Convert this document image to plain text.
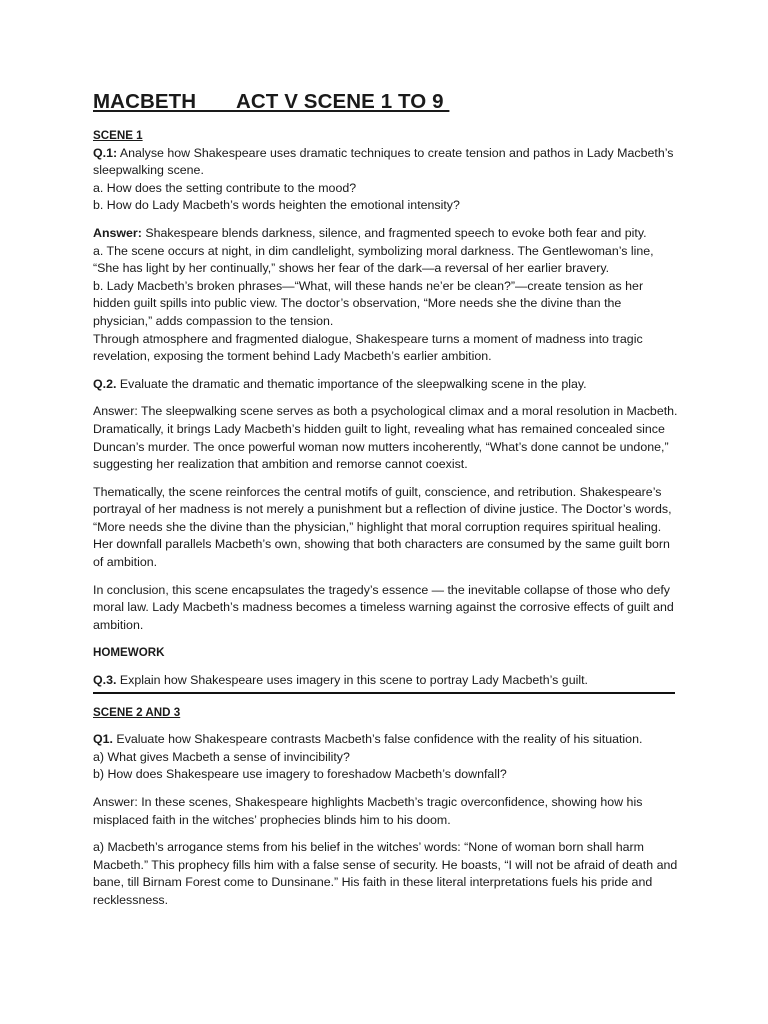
MACBETH       ACT V SCENE 1 TO 9

SCENE 1
Q.1: Analyse how Shakespeare uses dramatic techniques to create tension and pathos in Lady Macbeth’s sleepwalking scene.
a. How does the setting contribute to the mood?
b. How do Lady Macbeth’s words heighten the emotional intensity?

Answer: Shakespeare blends darkness, silence, and fragmented speech to evoke both fear and pity.
a. The scene occurs at night, in dim candlelight, symbolizing moral darkness. The Gentlewoman’s line, “She has light by her continually,” shows her fear of the dark—a reversal of her earlier bravery.
b. Lady Macbeth’s broken phrases—“What, will these hands ne’er be clean?”—create tension as her hidden guilt spills into public view. The doctor’s observation, “More needs she the divine than the physician,” adds compassion to the tension.
Through atmosphere and fragmented dialogue, Shakespeare turns a moment of madness into tragic revelation, exposing the torment behind Lady Macbeth’s earlier ambition.

Q.2. Evaluate the dramatic and thematic importance of the sleepwalking scene in the play.

Answer: The sleepwalking scene serves as both a psychological climax and a moral resolution in Macbeth. Dramatically, it brings Lady Macbeth’s hidden guilt to light, revealing what has remained concealed since Duncan’s murder. The once powerful woman now mutters incoherently, “What’s done cannot be undone,” suggesting her realization that ambition and remorse cannot coexist.

Thematically, the scene reinforces the central motifs of guilt, conscience, and retribution. Shakespeare’s portrayal of her madness is not merely a punishment but a reflection of divine justice. The Doctor’s words, “More needs she the divine than the physician,” highlight that moral corruption requires spiritual healing. Her downfall parallels Macbeth’s own, showing that both characters are consumed by the same guilt born of ambition.

In conclusion, this scene encapsulates the tragedy’s essence — the inevitable collapse of those who defy moral law. Lady Macbeth’s madness becomes a timeless warning against the corrosive effects of guilt and ambition.

HOMEWORK

Q.3. Explain how Shakespeare uses imagery in this scene to portray Lady Macbeth’s guilt.

SCENE 2 AND 3

Q1. Evaluate how Shakespeare contrasts Macbeth’s false confidence with the reality of his situation.
a) What gives Macbeth a sense of invincibility?
b) How does Shakespeare use imagery to foreshadow Macbeth’s downfall?

Answer: In these scenes, Shakespeare highlights Macbeth’s tragic overconfidence, showing how his misplaced faith in the witches’ prophecies blinds him to his doom.

a) Macbeth’s arrogance stems from his belief in the witches’ words: “None of woman born shall harm Macbeth.” This prophecy fills him with a false sense of security. He boasts, “I will not be afraid of death and bane, till Birnam Forest come to Dunsinane.” His faith in these literal interpretations fuels his pride and recklessness.
